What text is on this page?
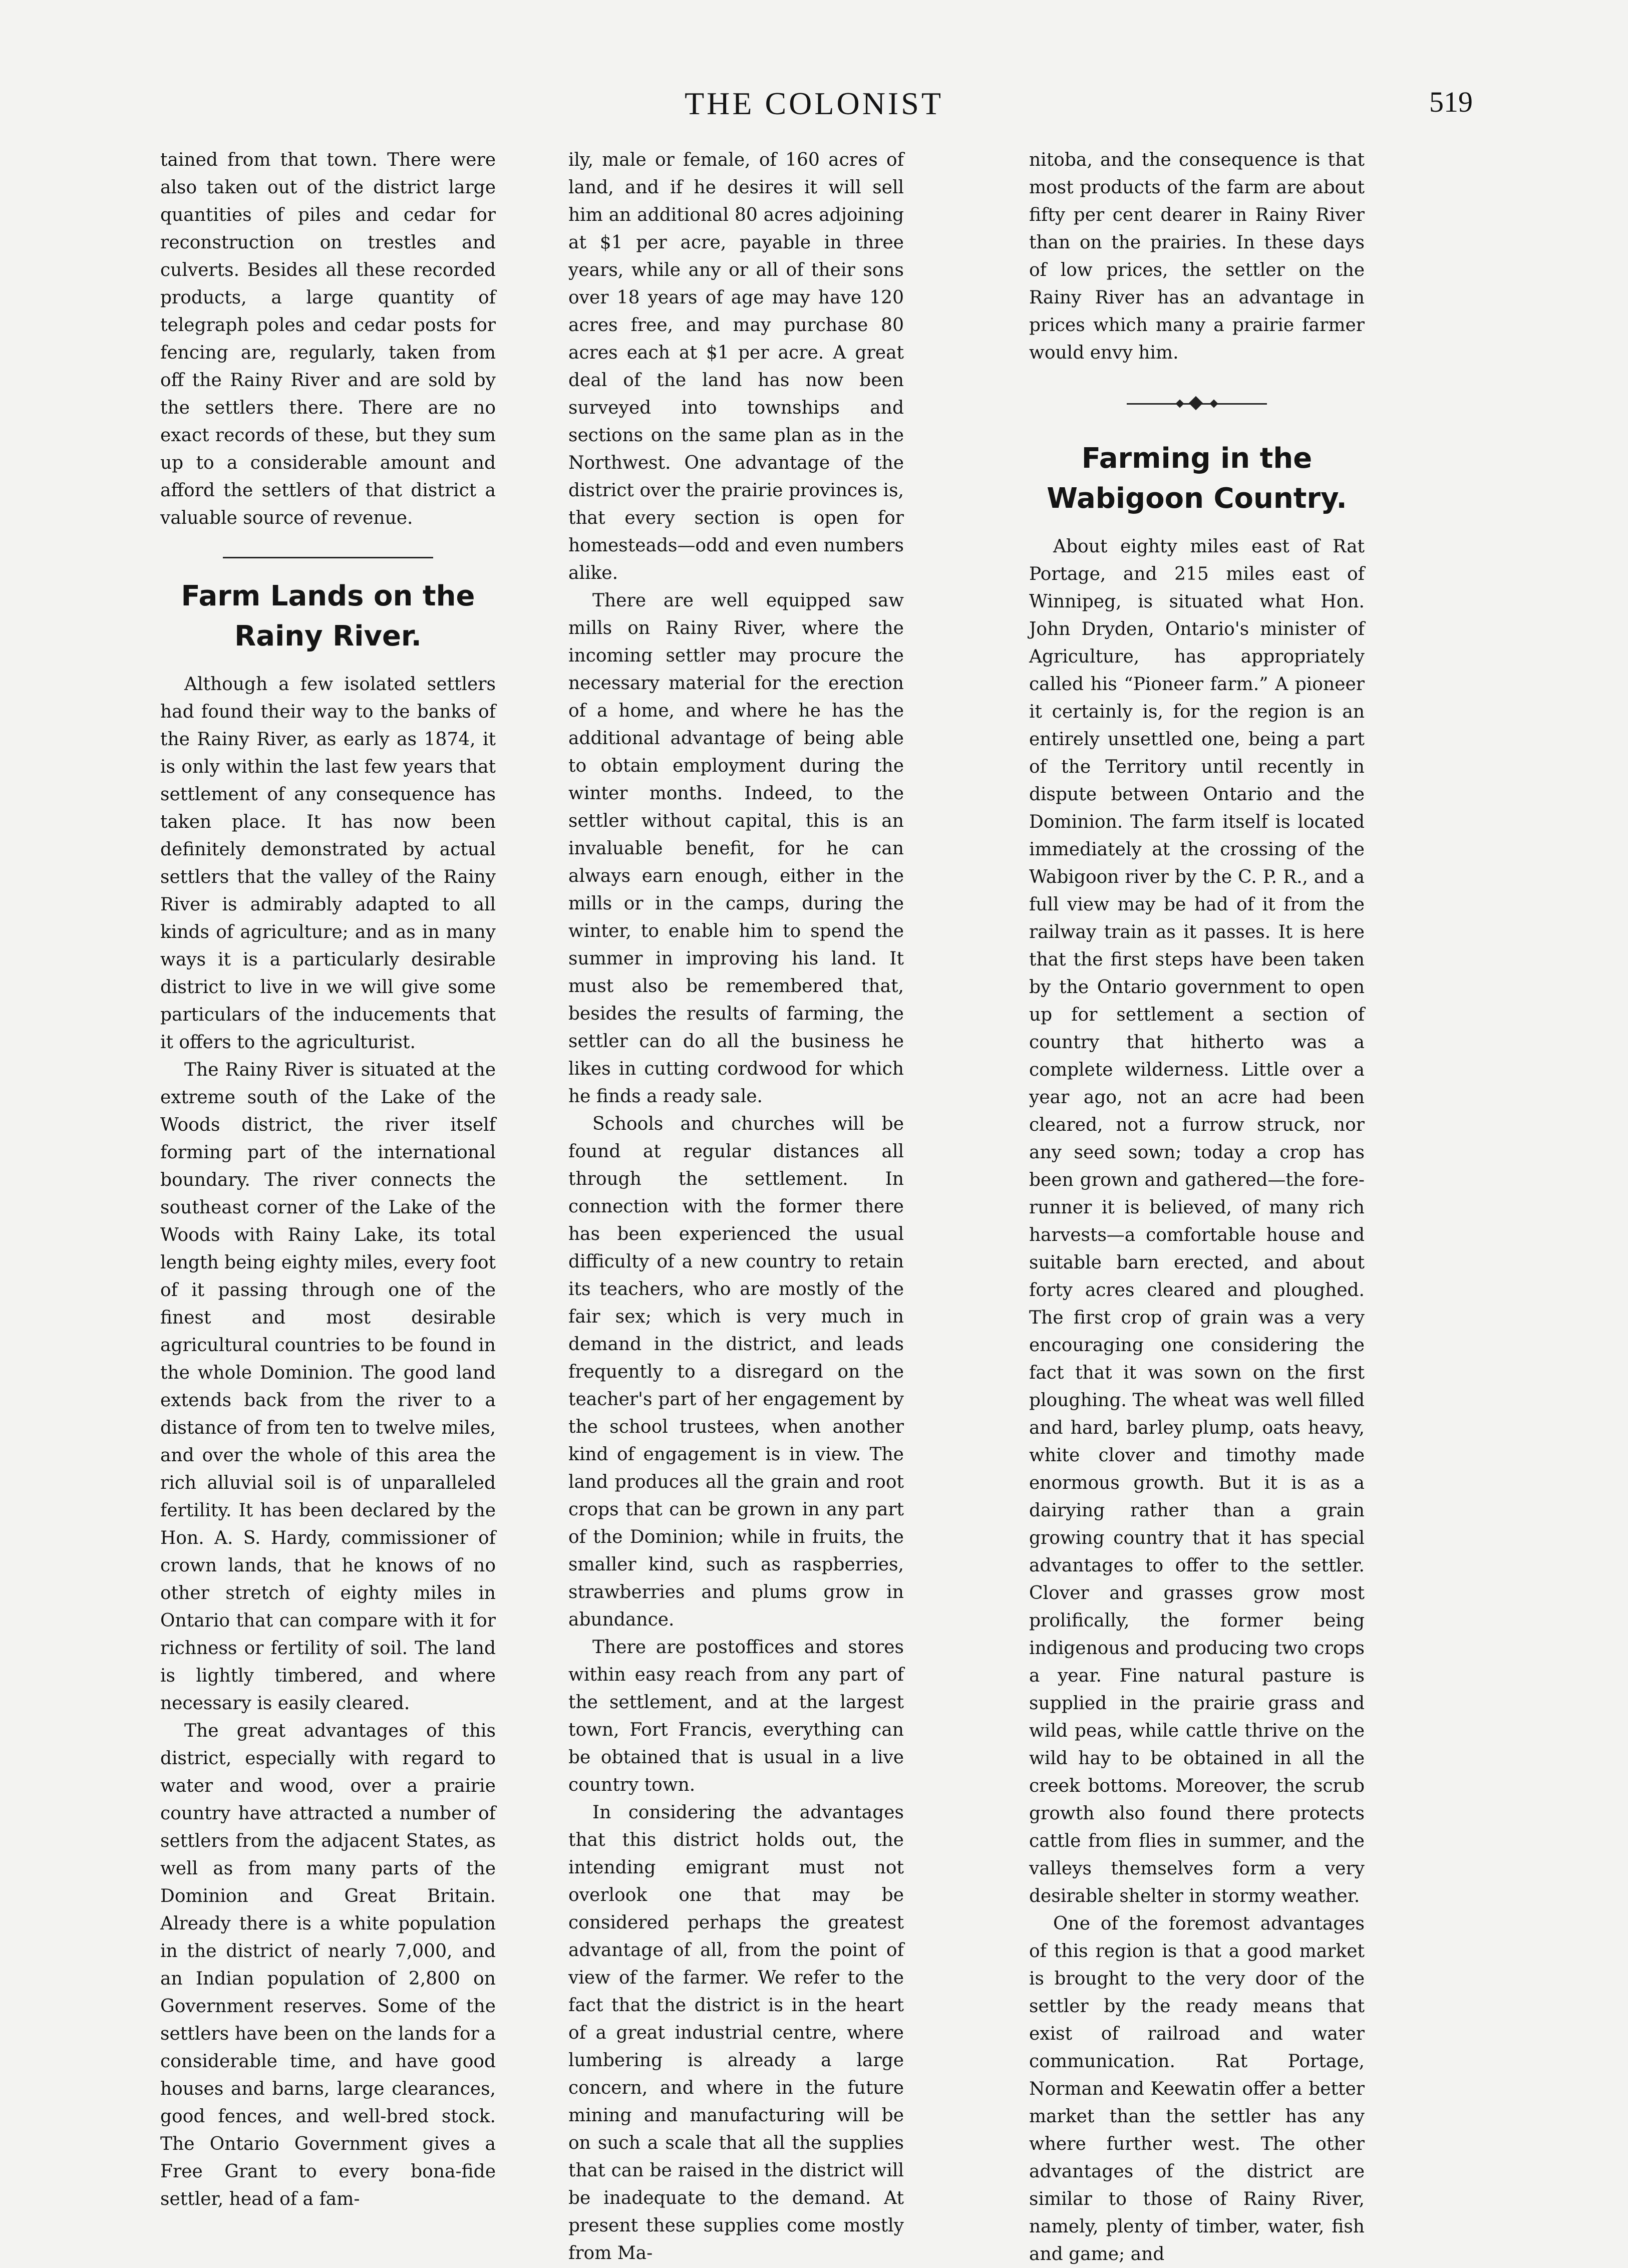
THE COLONIST	519

tained from that town. There were also taken out of the district large quantities of piles and cedar for reconstruction on trestles and culverts. Besides all these recorded products, a large quantity of telegraph poles and cedar posts for fencing are, regularly, taken from off the Rainy River and are sold by the settlers there. There are no exact records of these, but they sum up to a considerable amount and afford the settlers of that district a valuable source of revenue.

Farm Lands on the Rainy River.

Although a few isolated settlers had found their way to the banks of the Rainy River, as early as 1874, it is only within the last few years that settlement of any consequence has taken place. It has now been definitely demonstrated by actual settlers that the valley of the Rainy River is admirably adapted to all kinds of agriculture; and as in many ways it is a particularly desirable district to live in we will give some particulars of the inducements that it offers to the agriculturist.

The Rainy River is situated at the extreme south of the Lake of the Woods district, the river itself forming part of the international boundary. The river connects the southeast corner of the Lake of the Woods with Rainy Lake, its total length being eighty miles, every foot of it passing through one of the finest and most desirable agricultural countries to be found in the whole Dominion. The good land extends back from the river to a distance of from ten to twelve miles, and over the whole of this area the rich alluvial soil is of unparalleled fertility. It has been declared by the Hon. A. S. Hardy, commissioner of crown lands, that he knows of no other stretch of eighty miles in Ontario that can compare with it for richness or fertility of soil. The land is lightly timbered, and where necessary is easily cleared.

The great advantages of this district, especially with regard to water and wood, over a prairie country have attracted a number of settlers from the adjacent States, as well as from many parts of the Dominion and Great Britain. Already there is a white population in the district of nearly 7,000, and an Indian population of 2,800 on Government reserves. Some of the settlers have been on the lands for a considerable time, and have good houses and barns, large clearances, good fences, and well-bred stock. The Ontario Government gives a Free Grant to every bona-fide settler, head of a fam-

ily, male or female, of 160 acres of land, and if he desires it will sell him an additional 80 acres adjoining at $1 per acre, payable in three years, while any or all of their sons over 18 years of age may have 120 acres free, and may purchase 80 acres each at $1 per acre. A great deal of the land has now been surveyed into townships and sections on the same plan as in the Northwest. One advantage of the district over the prairie provinces is, that every section is open for homesteads—odd and even numbers alike.

There are well equipped saw mills on Rainy River, where the incoming settler may procure the necessary material for the erection of a home, and where he has the additional advantage of being able to obtain employment during the winter months. Indeed, to the settler without capital, this is an invaluable benefit, for he can always earn enough, either in the mills or in the camps, during the winter, to enable him to spend the summer in improving his land. It must also be remembered that, besides the results of farming, the settler can do all the business he likes in cutting cordwood for which he finds a ready sale.

Schools and churches will be found at regular distances all through the settlement. In connection with the former there has been experienced the usual difficulty of a new country to retain its teachers, who are mostly of the fair sex; which is very much in demand in the district, and leads frequently to a disregard on the teacher's part of her engagement by the school trustees, when another kind of engagement is in view. The land produces all the grain and root crops that can be grown in any part of the Dominion; while in fruits, the smaller kind, such as raspberries, strawberries and plums grow in abundance.

There are postoffices and stores within easy reach from any part of the settlement, and at the largest town, Fort Francis, everything can be obtained that is usual in a live country town.

In considering the advantages that this district holds out, the intending emigrant must not overlook one that may be considered perhaps the greatest advantage of all, from the point of view of the farmer. We refer to the fact that the district is in the heart of a great industrial centre, where lumbering is already a large concern, and where in the future mining and manufacturing will be on such a scale that all the supplies that can be raised in the district will be inadequate to the demand. At present these supplies come mostly from Ma-

nitoba, and the consequence is that most products of the farm are about fifty per cent dearer in Rainy River than on the prairies. In these days of low prices, the settler on the Rainy River has an advantage in prices which many a prairie farmer would envy him.

Farming in the Wabigoon Country.

About eighty miles east of Rat Portage, and 215 miles east of Winnipeg, is situated what Hon. John Dryden, Ontario's minister of Agriculture, has appropriately called his “Pioneer farm.” A pioneer it certainly is, for the region is an entirely unsettled one, being a part of the Territory until recently in dispute between Ontario and the Dominion. The farm itself is located immediately at the crossing of the Wabigoon river by the C. P. R., and a full view may be had of it from the railway train as it passes. It is here that the first steps have been taken by the Ontario government to open up for settlement a section of country that hitherto was a complete wilderness. Little over a year ago, not an acre had been cleared, not a furrow struck, nor any seed sown; today a crop has been grown and gathered—the fore-runner it is believed, of many rich harvests—a comfortable house and suitable barn erected, and about forty acres cleared and ploughed. The first crop of grain was a very encouraging one considering the fact that it was sown on the first ploughing. The wheat was well filled and hard, barley plump, oats heavy, white clover and timothy made enormous growth. But it is as a dairying rather than a grain growing country that it has special advantages to offer to the settler. Clover and grasses grow most prolifically, the former being indigenous and producing two crops a year. Fine natural pasture is supplied in the prairie grass and wild peas, while cattle thrive on the wild hay to be obtained in all the creek bottoms. Moreover, the scrub growth also found there protects cattle from flies in summer, and the valleys themselves form a very desirable shelter in stormy weather.

One of the foremost advantages of this region is that a good market is brought to the very door of the settler by the ready means that exist of railroad and water communication. Rat Portage, Norman and Keewatin offer a better market than the settler has any where further west. The other advantages of the district are similar to those of Rainy River, namely, plenty of timber, water, fish and game; and
